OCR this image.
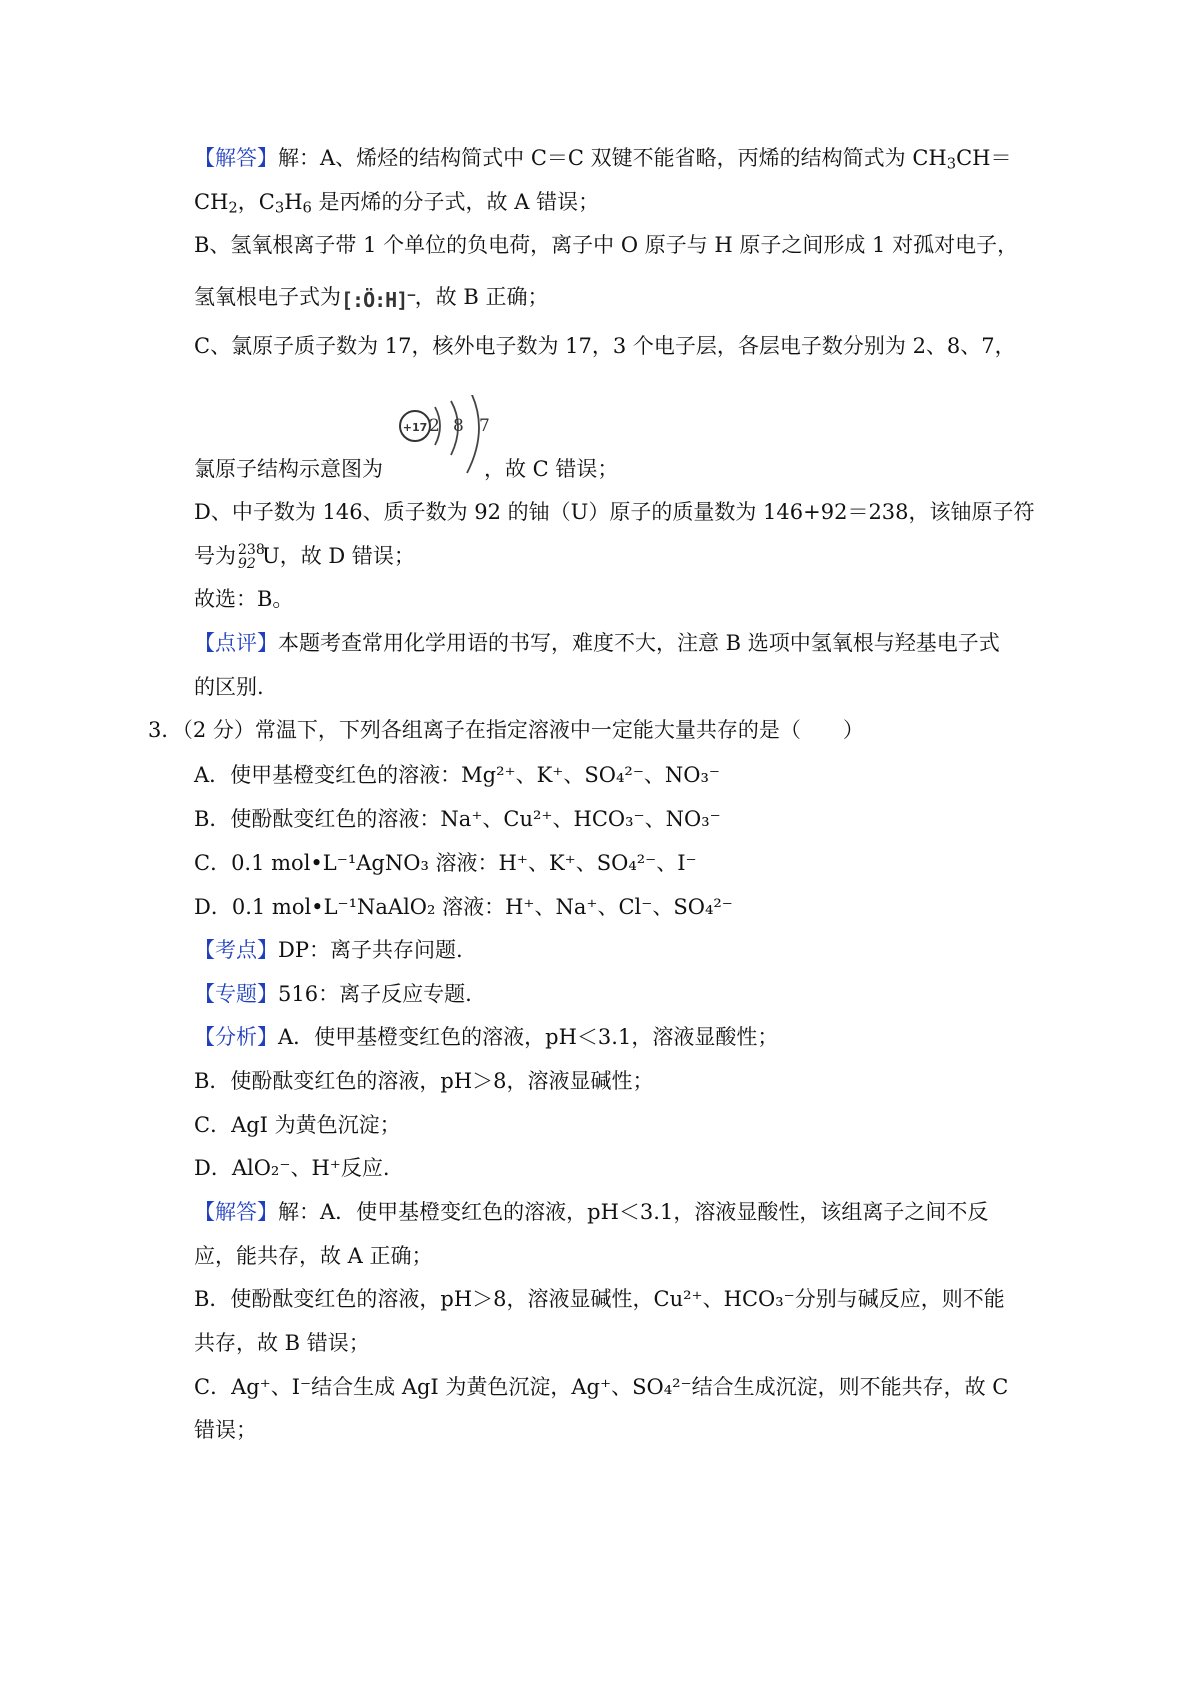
【解答】解：A、烯烃的结构简式中 C＝C 双键不能省略，丙烯的结构简式为 $CH_3CH=$
$CH_2$，$C_3H_6$ 是丙烯的分子式，故 A 错误；
B、氢氧根离子带 1 个单位的负电荷，离子中 O 原子与 H 原子之间形成 1 对孤对电子，
氢氧根电子式为[:Ö:H]−，故 B 正确；
C、氯原子质子数为 17，核外电子数为 17，3 个电子层，各层电子数分别为 2、8、7，
氯原子结构示意图为	，故 C 错误；
+17 2 8 7
D、中子数为 146、质子数为 92 的铀（U）原子的质量数为 146+92＝238，该铀原子符
号为 238
92 U，故 D 错误；
故选：B。
【点评】本题考查常用化学用语的书写，难度不大，注意 B 选项中氢氧根与羟基电子式
的区别.
3．（2 分）常温下，下列各组离子在指定溶液中一定能大量共存的是（　　）
A．使甲基橙变红色的溶液：Mg²⁺、K⁺、SO₄²⁻、NO₃⁻
B．使酚酞变红色的溶液：Na⁺、Cu²⁺、HCO₃⁻、NO₃⁻
C．0.1 mol•L⁻¹AgNO₃ 溶液：H⁺、K⁺、SO₄²⁻、I⁻
D．0.1 mol•L⁻¹NaAlO₂ 溶液：H⁺、Na⁺、Cl⁻、SO₄²⁻
【考点】DP：离子共存问题.
【专题】516：离子反应专题.
【分析】A．使甲基橙变红色的溶液，pH＜3.1，溶液显酸性；
B．使酚酞变红色的溶液，pH＞8，溶液显碱性；
C．AgI 为黄色沉淀；
D．AlO₂⁻、H⁺反应.
【解答】解：A．使甲基橙变红色的溶液，pH＜3.1，溶液显酸性，该组离子之间不反
应，能共存，故 A 正确；
B．使酚酞变红色的溶液，pH＞8，溶液显碱性，Cu²⁺、HCO₃⁻分别与碱反应，则不能
共存，故 B 错误；
C．Ag⁺、I⁻结合生成 AgI 为黄色沉淀，Ag⁺、SO₄²⁻结合生成沉淀，则不能共存，故 C
错误；
